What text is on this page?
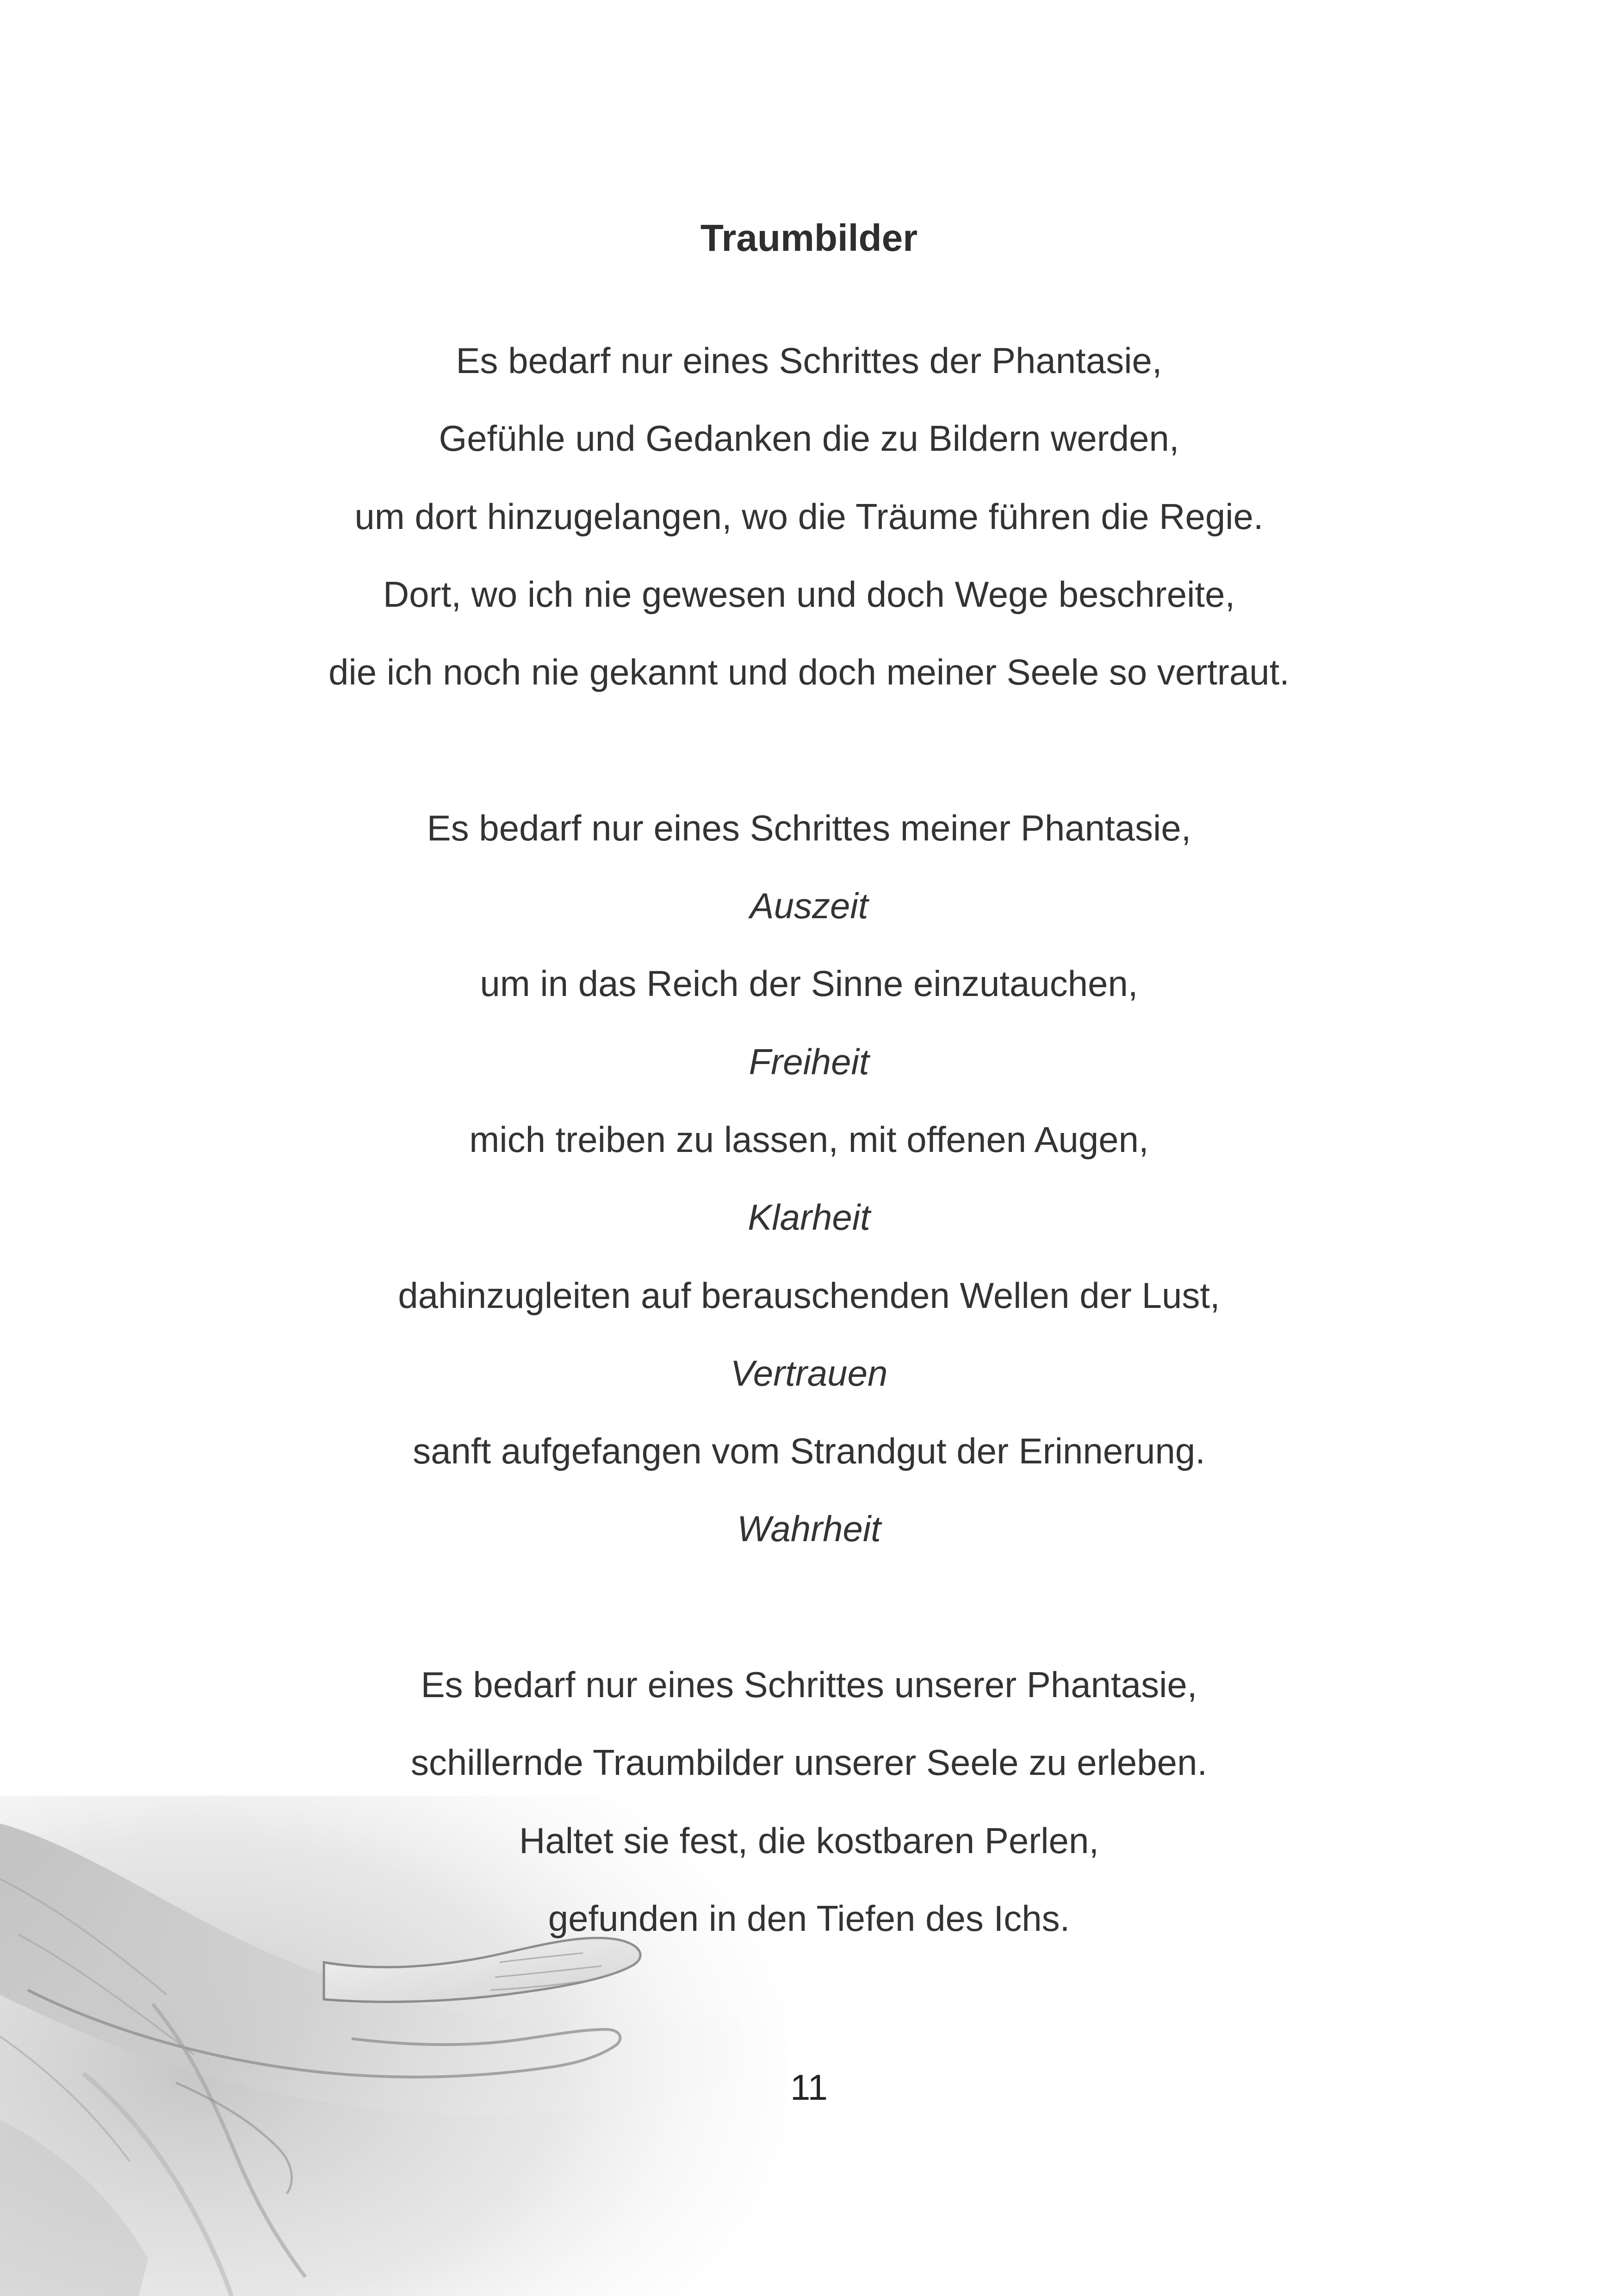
Traumbilder
Es bedarf nur eines Schrittes der Phantasie,
Gefühle und Gedanken die zu Bildern werden,
um dort hinzugelangen, wo die Träume führen die Regie.
Dort, wo ich nie gewesen und doch Wege beschreite,
die ich noch nie gekannt und doch meiner Seele so vertraut.
Es bedarf nur eines Schrittes meiner Phantasie,
Auszeit
um in das Reich der Sinne einzutauchen,
Freiheit
mich treiben zu lassen, mit offenen Augen,
Klarheit
dahinzugleiten auf berauschenden Wellen der Lust,
Vertrauen
sanft aufgefangen vom Strandgut der Erinnerung.
Wahrheit
Es bedarf nur eines Schrittes unserer Phantasie,
schillernde Traumbilder unserer Seele zu erleben.
Haltet sie fest, die kostbaren Perlen,
gefunden in den Tiefen des Ichs.
11
